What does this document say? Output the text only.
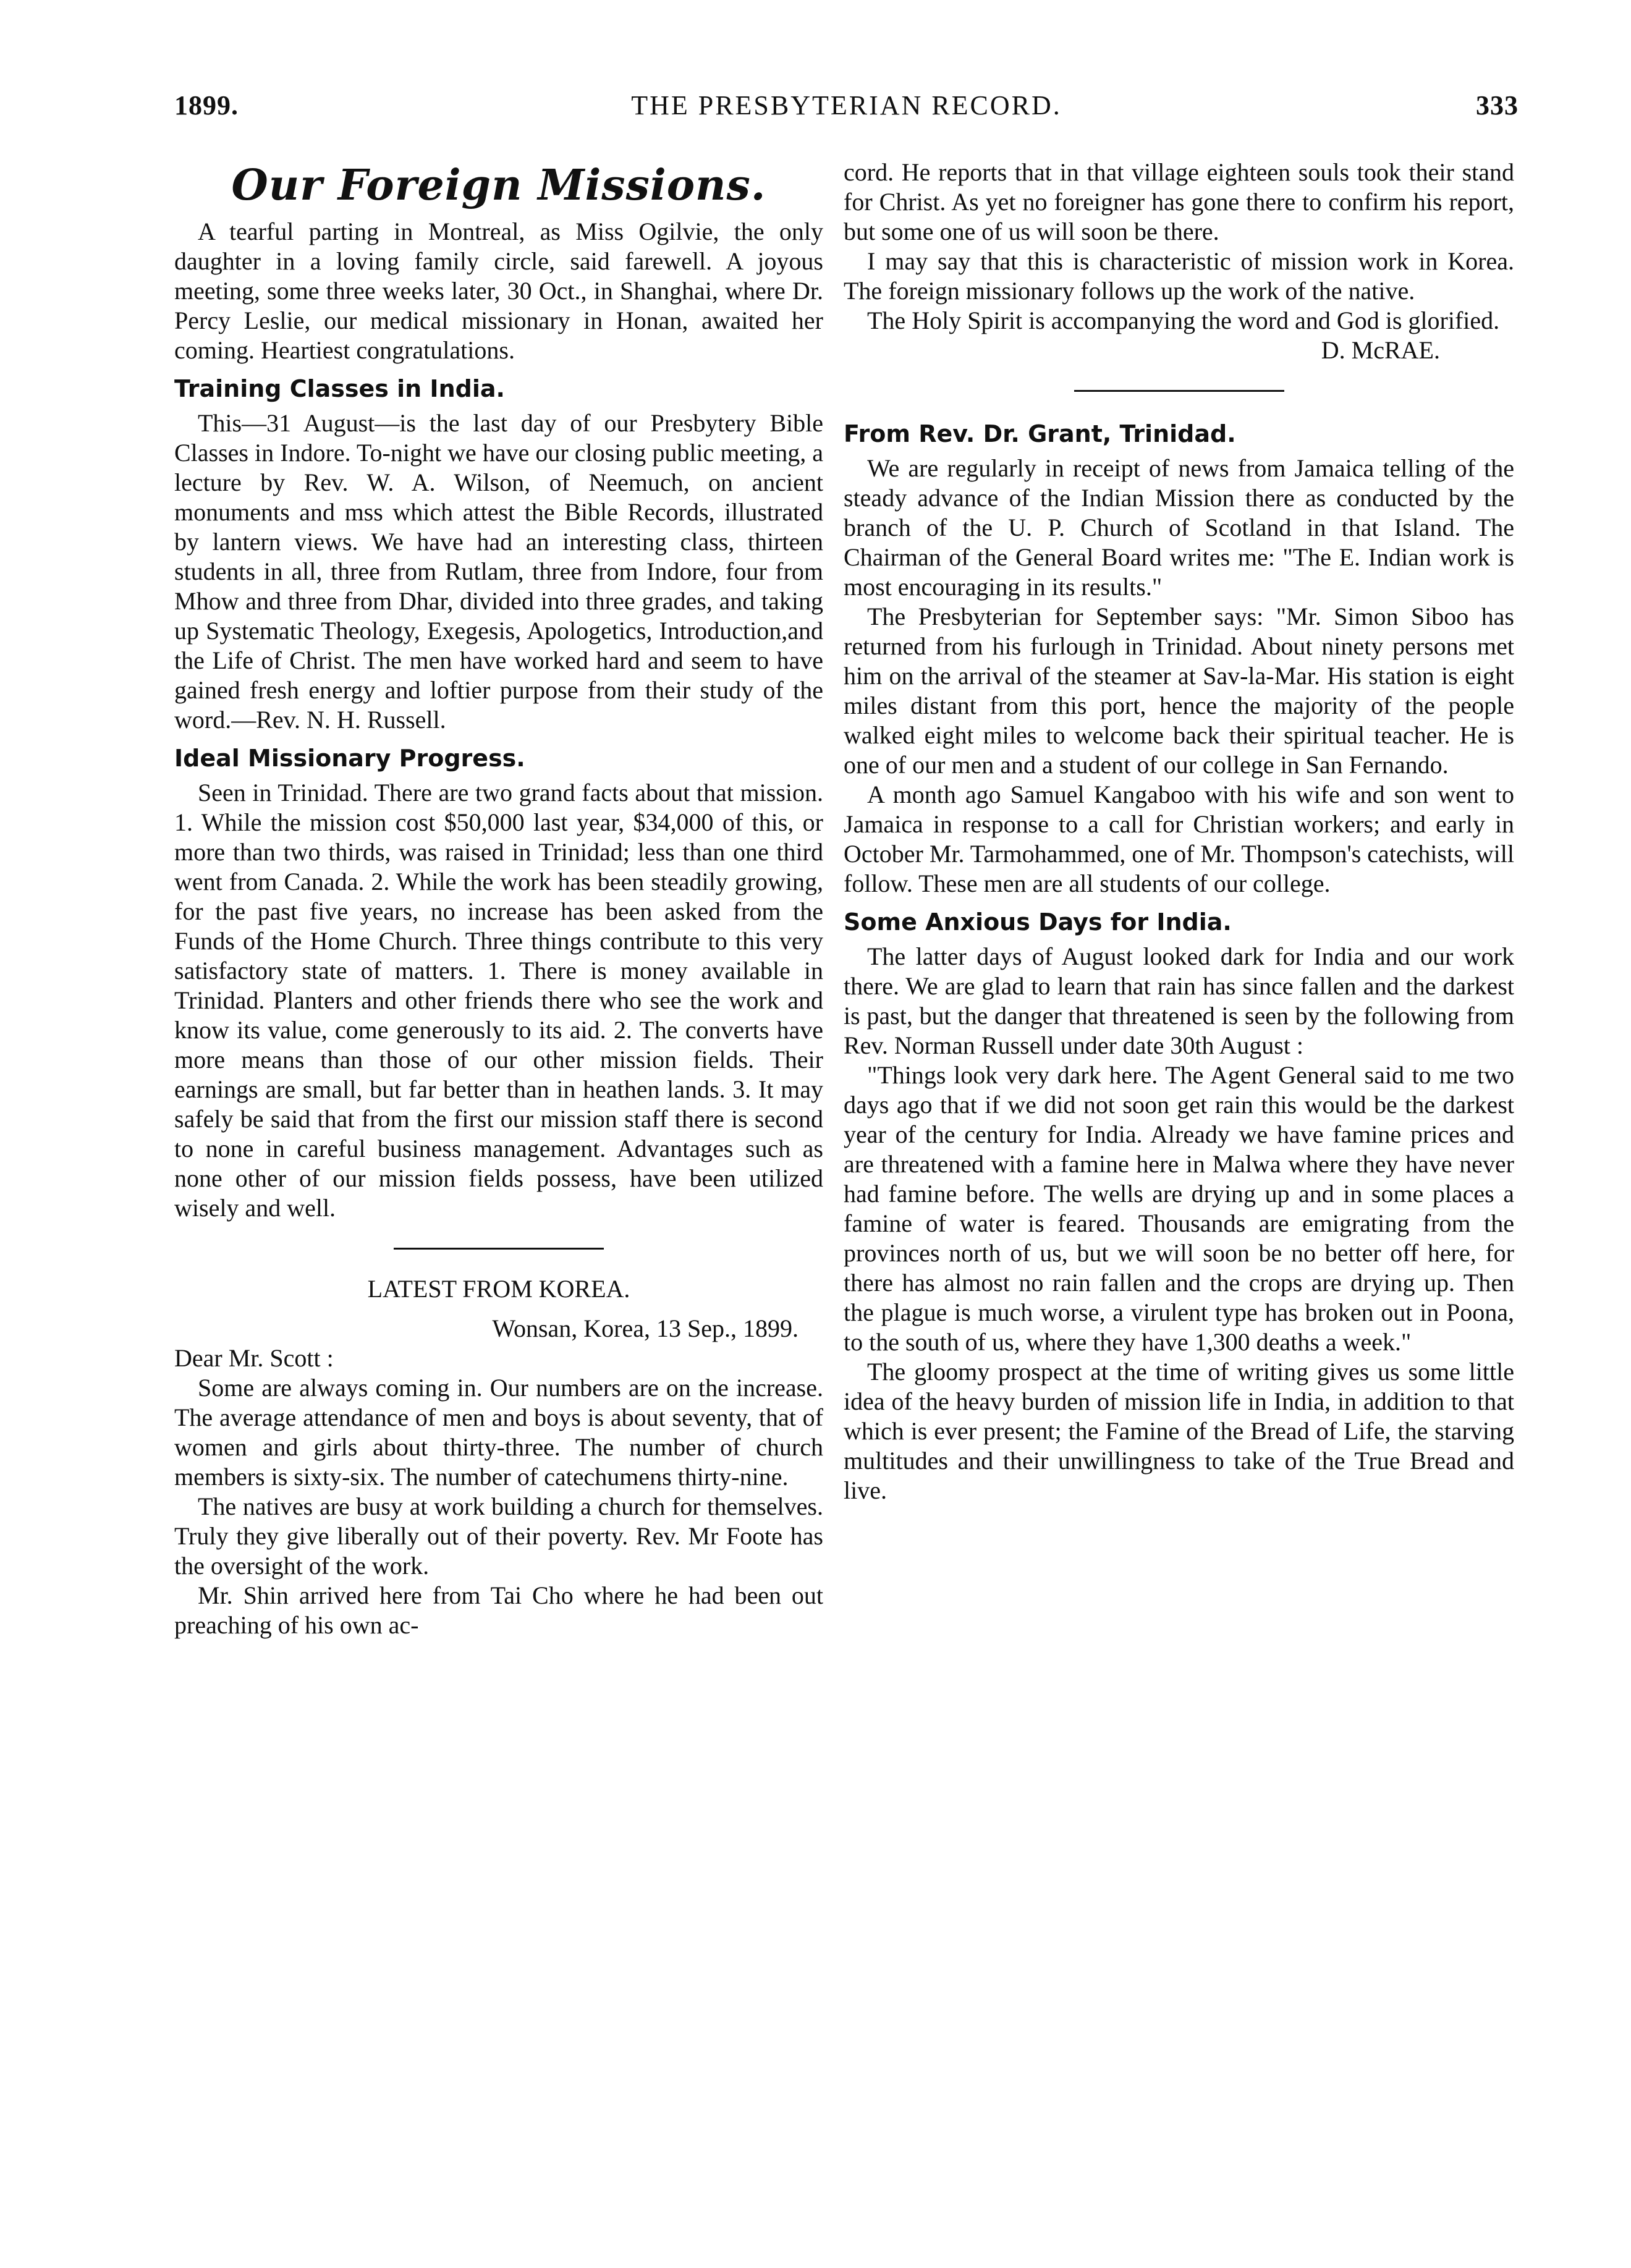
1899.	THE PRESBYTERIAN RECORD.	333
Our Foreign Missions.

A tearful parting in Montreal, as Miss Ogilvie, the only daughter in a loving family circle, said farewell. A joyous meeting, some three weeks later, 30 Oct., in Shanghai, where Dr. Percy Leslie, our medical missionary in Honan, awaited her coming. Heartiest congratulations.

Training Classes in India.

This—31 August—is the last day of our Presbytery Bible Classes in Indore. To-night we have our closing public meeting, a lecture by Rev. W. A. Wilson, of Neemuch, on ancient monuments and mss which attest the Bible Records, illustrated by lantern views. We have had an interesting class, thirteen students in all, three from Rutlam, three from Indore, four from Mhow and three from Dhar, divided into three grades, and taking up Systematic Theology, Exegesis, Apologetics, Introduction,and the Life of Christ. The men have worked hard and seem to have gained fresh energy and loftier purpose from their study of the word.—Rev. N. H. Russell.

Ideal Missionary Progress.

Seen in Trinidad. There are two grand facts about that mission. 1. While the mission cost $50,000 last year, $34,000 of this, or more than two thirds, was raised in Trinidad; less than one third went from Canada. 2. While the work has been steadily growing, for the past five years, no increase has been asked from the Funds of the Home Church. Three things contribute to this very satisfactory state of matters. 1. There is money available in Trinidad. Planters and other friends there who see the work and know its value, come generously to its aid. 2. The converts have more means than those of our other mission fields. Their earnings are small, but far better than in heathen lands. 3. It may safely be said that from the first our mission staff there is second to none in careful business management. Advantages such as none other of our mission fields possess, have been utilized wisely and well.

LATEST FROM KOREA.

Wonsan, Korea, 13 Sep., 1899.

Dear Mr. Scott :

Some are always coming in. Our numbers are on the increase. The average attendance of men and boys is about seventy, that of women and girls about thirty-three. The number of church members is sixty-six. The number of catechumens thirty-nine.

The natives are busy at work building a church for themselves. Truly they give liberally out of their poverty. Rev. Mr Foote has the oversight of the work.

Mr. Shin arrived here from Tai Cho where he had been out preaching of his own ac-

cord. He reports that in that village eighteen souls took their stand for Christ. As yet no foreigner has gone there to confirm his report, but some one of us will soon be there.

I may say that this is characteristic of mission work in Korea. The foreign missionary follows up the work of the native.

The Holy Spirit is accompanying the word and God is glorified.

D. McRAE.

From Rev. Dr. Grant, Trinidad.

We are regularly in receipt of news from Jamaica telling of the steady advance of the Indian Mission there as conducted by the branch of the U. P. Church of Scotland in that Island. The Chairman of the General Board writes me: "The E. Indian work is most encouraging in its results."

The Presbyterian for September says: "Mr. Simon Siboo has returned from his furlough in Trinidad. About ninety persons met him on the arrival of the steamer at Sav-la-Mar. His station is eight miles distant from this port, hence the majority of the people walked eight miles to welcome back their spiritual teacher. He is one of our men and a student of our college in San Fernando.

A month ago Samuel Kangaboo with his wife and son went to Jamaica in response to a call for Christian workers; and early in October Mr. Tarmohammed, one of Mr. Thompson's catechists, will follow. These men are all students of our college.

Some Anxious Days for India.

The latter days of August looked dark for India and our work there. We are glad to learn that rain has since fallen and the darkest is past, but the danger that threatened is seen by the following from Rev. Norman Russell under date 30th August :

"Things look very dark here. The Agent General said to me two days ago that if we did not soon get rain this would be the darkest year of the century for India. Already we have famine prices and are threatened with a famine here in Malwa where they have never had famine before. The wells are drying up and in some places a famine of water is feared. Thousands are emigrating from the provinces north of us, but we will soon be no better off here, for there has almost no rain fallen and the crops are drying up. Then the plague is much worse, a virulent type has broken out in Poona, to the south of us, where they have 1,300 deaths a week."

The gloomy prospect at the time of writing gives us some little idea of the heavy burden of mission life in India, in addition to that which is ever present; the Famine of the Bread of Life, the starving multitudes and their unwillingness to take of the True Bread and live.
